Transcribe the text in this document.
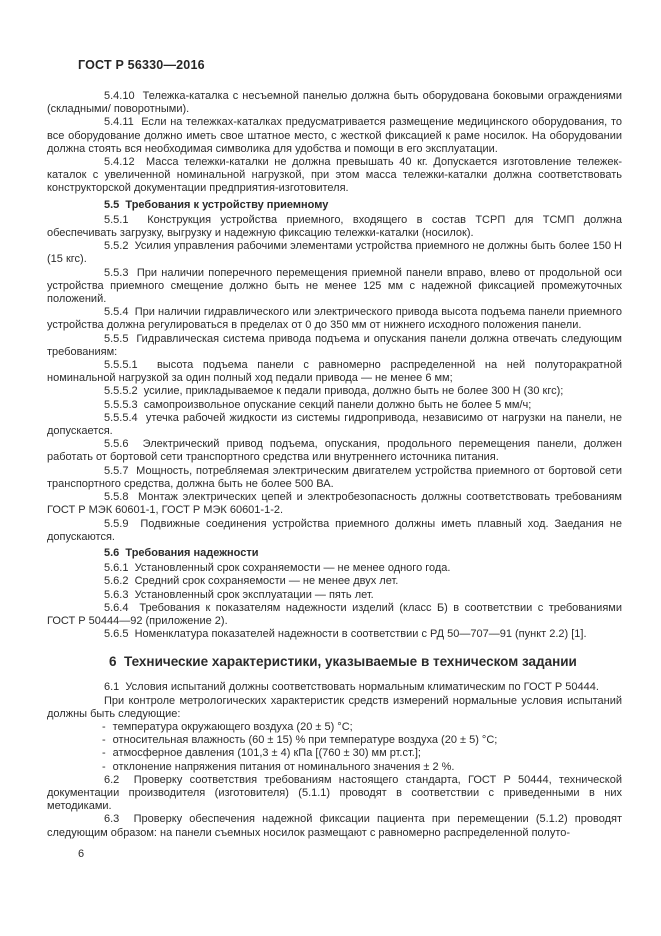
ГОСТ Р 56330—2016

5.4.10  Тележка-каталка с несъемной панелью должна быть оборудована боковыми ограждениями (складными/ поворотными).

5.4.11  Если на тележках-каталках предусматривается размещение медицинского оборудования, то все оборудование должно иметь свое штатное место, с жесткой фиксацией к раме носилок. На оборудовании должна стоять вся необходимая символика для удобства и помощи в его эксплуатации.

5.4.12  Масса тележки-каталки не должна превышать 40 кг. Допускается изготовление тележек-каталок с увеличенной номинальной нагрузкой, при этом масса тележки-каталки должна соответствовать конструкторской документации предприятия-изготовителя.

5.5  Требования к устройству приемному

5.5.1  Конструкция устройства приемного, входящего в состав ТСРП для ТСМП должна обеспечивать загрузку, выгрузку и надежную фиксацию тележки-каталки (носилок).

5.5.2  Усилия управления рабочими элементами устройства приемного не должны быть более 150 Н (15 кгс).

5.5.3  При наличии поперечного перемещения приемной панели вправо, влево от продольной оси устройства приемного смещение должно быть не менее 125 мм с надежной фиксацией промежуточных положений.

5.5.4  При наличии гидравлического или электрического привода высота подъема панели приемного устройства должна регулироваться в пределах от 0 до 350 мм от нижнего исходного положения панели.

5.5.5  Гидравлическая система привода подъема и опускания панели должна отвечать следующим требованиям:

5.5.5.1  высота подъема панели с равномерно распределенной на ней полуторакратной номинальной нагрузкой за один полный ход педали привода — не менее 6 мм;

5.5.5.2  усилие, прикладываемое к педали привода, должно быть не более 300 Н (30 кгс);

5.5.5.3  самопроизвольное опускание секций панели должно быть не более 5 мм/ч;

5.5.5.4  утечка рабочей жидкости из системы гидропривода, независимо от нагрузки на панели, не допускается.

5.5.6  Электрический привод подъема, опускания, продольного перемещения панели, должен работать от бортовой сети транспортного средства или внутреннего источника питания.

5.5.7  Мощность, потребляемая электрическим двигателем устройства приемного от бортовой сети транспортного средства, должна быть не более 500 ВА.

5.5.8  Монтаж электрических цепей и электробезопасность должны соответствовать требованиям ГОСТ Р МЭК 60601-1, ГОСТ Р МЭК 60601-1-2.

5.5.9  Подвижные соединения устройства приемного должны иметь плавный ход. Заедания не допускаются.

5.6  Требования надежности

5.6.1  Установленный срок сохраняемости — не менее одного года.

5.6.2  Средний срок сохраняемости — не менее двух лет.

5.6.3  Установленный срок эксплуатации — пять лет.

5.6.4  Требования к показателям надежности изделий (класс Б) в соответствии с требованиями ГОСТ Р 50444—92 (приложение 2).

5.6.5  Номенклатура показателей надежности в соответствии с РД 50—707—91 (пункт 2.2) [1].

6  Технические характеристики, указываемые в техническом задании

6.1  Условия испытаний должны соответствовать нормальным климатическим по ГОСТ Р 50444.

При контроле метрологических характеристик средств измерений нормальные условия испытаний должны быть следующие:

- температура окружающего воздуха (20 ± 5) °С;

- относительная влажность (60 ± 15) % при температуре воздуха (20 ± 5) °С;

- атмосферное давления (101,3 ± 4) кПа [(760 ± 30) мм рт.ст.];

- отклонение напряжения питания от номинального значения ± 2 %.

6.2  Проверку соответствия требованиям настоящего стандарта, ГОСТ Р 50444, технической документации производителя (изготовителя) (5.1.1) проводят в соответствии с приведенными в них методиками.

6.3  Проверку обеспечения надежной фиксации пациента при перемещении (5.1.2) проводят следующим образом: на панели съемных носилок размещают с равномерно распределенной полуто-

6
